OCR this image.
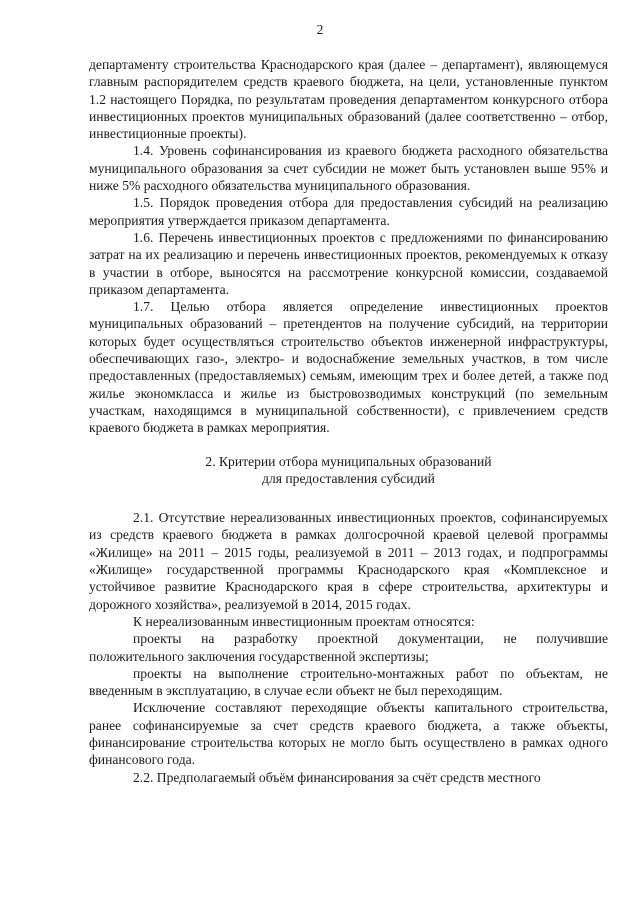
2

департаменту строительства Краснодарского края (далее – департамент), являющемуся главным распорядителем средств краевого бюджета, на цели, установленные пунктом 1.2 настоящего Порядка, по результатам проведения департаментом конкурсного отбора инвестиционных проектов муниципальных образований (далее соответственно – отбор, инвестиционные проекты).

1.4. Уровень софинансирования из краевого бюджета расходного обязательства муниципального образования за счет субсидии не может быть установлен выше 95% и ниже 5% расходного обязательства муниципального образования.

1.5. Порядок проведения отбора для предоставления субсидий на реализацию мероприятия утверждается приказом департамента.

1.6. Перечень инвестиционных проектов с предложениями по финансированию затрат на их реализацию и перечень инвестиционных проектов, рекомендуемых к отказу в участии в отборе, выносятся на рассмотрение конкурсной комиссии, создаваемой приказом департамента.

1.7. Целью отбора является определение инвестиционных проектов муниципальных образований – претендентов на получение субсидий, на территории которых будет осуществляться строительство объектов инженерной инфраструктуры, обеспечивающих газо-, электро- и водоснабжение земельных участков, в том числе предоставленных (предоставляемых) семьям, имеющим трех и более детей, а также под жилье экономкласса и жилье из быстровозводимых конструкций (по земельным участкам, находящимся в муниципальной собственности), с привлечением средств краевого бюджета в рамках мероприятия.

2. Критерии отбора муниципальных образований
для предоставления субсидий

2.1. Отсутствие нереализованных инвестиционных проектов, софинансируемых из средств краевого бюджета в рамках долгосрочной краевой целевой программы «Жилище» на 2011 – 2015 годы, реализуемой в 2011 – 2013 годах, и подпрограммы «Жилище» государственной программы Краснодарского края «Комплексное и устойчивое развитие Краснодарского края в сфере строительства, архитектуры и дорожного хозяйства», реализуемой в 2014, 2015 годах.

К нереализованным инвестиционным проектам относятся:

проекты на разработку проектной документации, не получившие положительного заключения государственной экспертизы;

проекты на выполнение строительно-монтажных работ по объектам, не введенным в эксплуатацию, в случае если объект не был переходящим.

Исключение составляют переходящие объекты капитального строительства, ранее софинансируемые за счет средств краевого бюджета, а также объекты, финансирование строительства которых не могло быть осуществлено в рамках одного финансового года.

2.2. Предполагаемый объём финансирования за счёт средств местного
